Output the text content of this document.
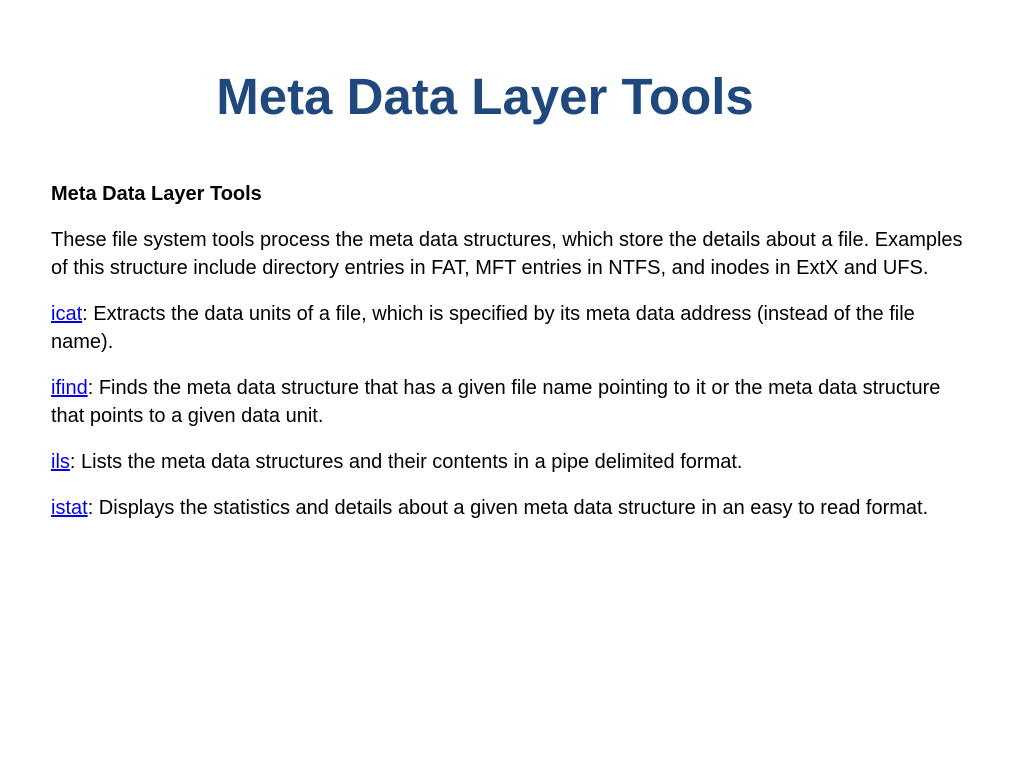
Meta Data Layer Tools

Meta Data Layer Tools

These file system tools process the meta data structures, which store the details about a file. Examples of this structure include directory entries in FAT, MFT entries in NTFS, and inodes in ExtX and UFS.

icat: Extracts the data units of a file, which is specified by its meta data address (instead of the file name).

ifind: Finds the meta data structure that has a given file name pointing to it or the meta data structure that points to a given data unit.

ils: Lists the meta data structures and their contents in a pipe delimited format.

istat: Displays the statistics and details about a given meta data structure in an easy to read format.
